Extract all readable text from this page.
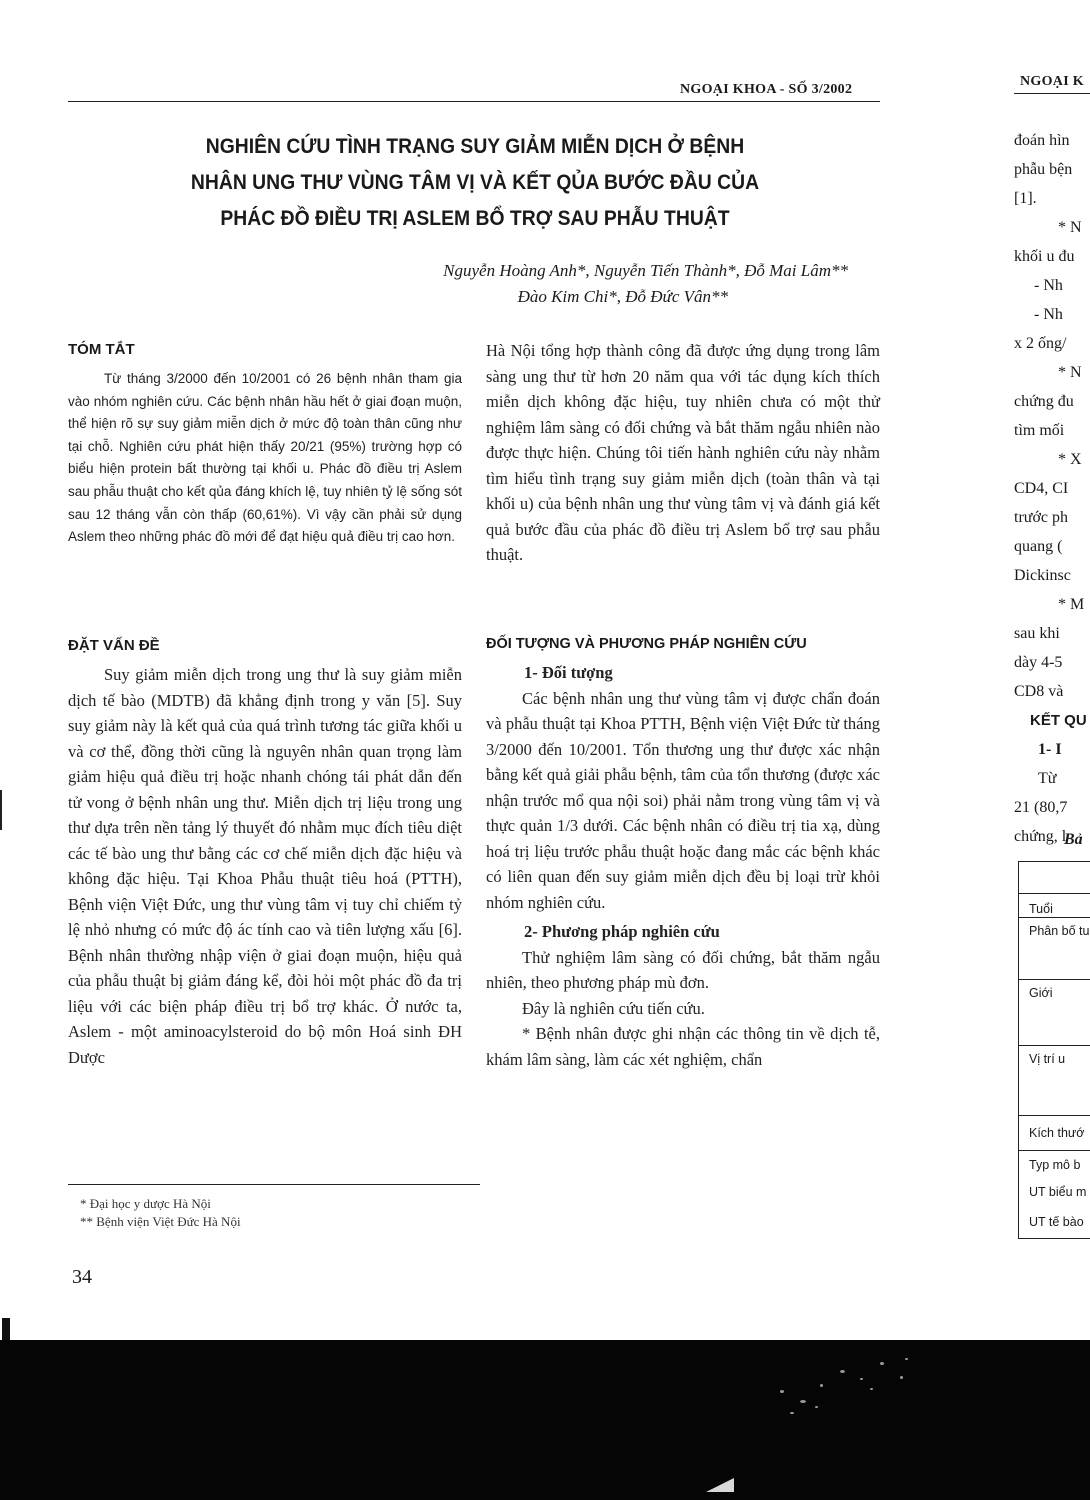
NGOẠI KHOA - SỐ 3/2002
NGOẠI K
NGHIÊN CỨU TÌNH TRẠNG SUY GIẢM MIỄN DỊCH Ở BỆNH
NHÂN UNG THƯ VÙNG TÂM VỊ VÀ KẾT QỦA BƯỚC ĐẦU CỦA
PHÁC ĐỒ ĐIỀU TRỊ ASLEM BỔ TRỢ SAU PHẪU THUẬT
Nguyễn Hoàng Anh*, Nguyễn Tiến Thành*, Đỗ Mai Lâm**
Đào Kim Chi*, Đỗ Đức Vân**
TÓM TẮT
Từ tháng 3/2000 đến 10/2001 có 26 bệnh nhân tham gia vào nhóm nghiên cứu. Các bệnh nhân hầu hết ở giai đoạn muộn, thể hiện rõ sự suy giảm miễn dịch ở mức độ toàn thân cũng như tại chỗ. Nghiên cứu phát hiện thấy 20/21 (95%) trường hợp có biểu hiện protein bất thường tại khối u. Phác đồ điều trị Aslem sau phẫu thuật cho kết qủa đáng khích lệ, tuy nhiên tỷ lệ sống sót sau 12 tháng vẫn còn thấp (60,61%). Vì vậy cần phải sử dụng Aslem theo những phác đồ mới để đạt hiệu quả điều trị cao hơn.
ĐẶT VẤN ĐỀ

Suy giảm miễn dịch trong ung thư là suy giảm miễn dịch tế bào (MDTB) đã khẳng định trong y văn [5]. Suy suy giảm này là kết quả của quá trình tương tác giữa khối u và cơ thể, đồng thời cũng là nguyên nhân quan trọng làm giảm hiệu quả điều trị hoặc nhanh chóng tái phát dẫn đến tử vong ở bệnh nhân ung thư. Miễn dịch trị liệu trong ung thư dựa trên nền tảng lý thuyết đó nhằm mục đích tiêu diệt các tế bào ung thư bằng các cơ chế miễn dịch đặc hiệu và không đặc hiệu. Tại Khoa Phẫu thuật tiêu hoá (PTTH), Bệnh viện Việt Đức, ung thư vùng tâm vị tuy chỉ chiếm tỷ lệ nhỏ nhưng có mức độ ác tính cao và tiên lượng xấu [6]. Bệnh nhân thường nhập viện ở giai đoạn muộn, hiệu quả của phẫu thuật bị giảm đáng kể, đòi hỏi một phác đồ đa trị liệu với các biện pháp điều trị bổ trợ khác. Ở nước ta, Aslem - một aminoacylsteroid do bộ môn Hoá sinh ĐH Dược

* Đại học y dược Hà Nội
** Bệnh viện Việt Đức Hà Nội
34

Hà Nội tổng hợp thành công đã được ứng dụng trong lâm sàng ung thư từ hơn 20 năm qua với tác dụng kích thích miễn dịch không đặc hiệu, tuy nhiên chưa có một thử nghiệm lâm sàng có đối chứng và bắt thăm ngẫu nhiên nào được thực hiện. Chúng tôi tiến hành nghiên cứu này nhằm tìm hiểu tình trạng suy giảm miễn dịch (toàn thân và tại khối u) của bệnh nhân ung thư vùng tâm vị và đánh giá kết quả bước đầu của phác đồ điều trị Aslem bổ trợ sau phẫu thuật.

ĐỐI TƯỢNG VÀ PHƯƠNG PHÁP NGHIÊN CỨU
1- Đối tượng

Các bệnh nhân ung thư vùng tâm vị được chẩn đoán và phẫu thuật tại Khoa PTTH, Bệnh viện Việt Đức từ tháng 3/2000 đến 10/2001. Tổn thương ung thư được xác nhận bằng kết quả giải phẫu bệnh, tâm của tổn thương (được xác nhận trước mổ qua nội soi) phải nằm trong vùng tâm vị và thực quản 1/3 dưới. Các bệnh nhân có điều trị tia xạ, dùng hoá trị liệu trước phẫu thuật hoặc đang mắc các bệnh khác có liên quan đến suy giảm miễn dịch đều bị loại trừ khỏi nhóm nghiên cứu.

2- Phương pháp nghiên cứu

Thử nghiệm lâm sàng có đối chứng, bắt thăm ngẫu nhiên, theo phương pháp mù đơn.

Đây là nghiên cứu tiến cứu.

* Bệnh nhân được ghi nhận các thông tin về dịch tễ, khám lâm sàng, làm các xét nghiệm, chẩn

đoán hìn
phẫu bện
[1].
* N
khối u đu
- Nh
- Nh
x 2 ống/
* N
chứng đu
tìm mối
* X
CD4, CI
trước ph
quang (
Dickinsc
* M
sau khi
dày 4-5
CD8 và
KẾT QU
1- I
Từ
21 (80,7
chứng, l
Bả
Tuổi
Phân bố tu
Giới
Vị trí u
Kích thướ
Typ mô b
UT biểu m
UT tế bào
